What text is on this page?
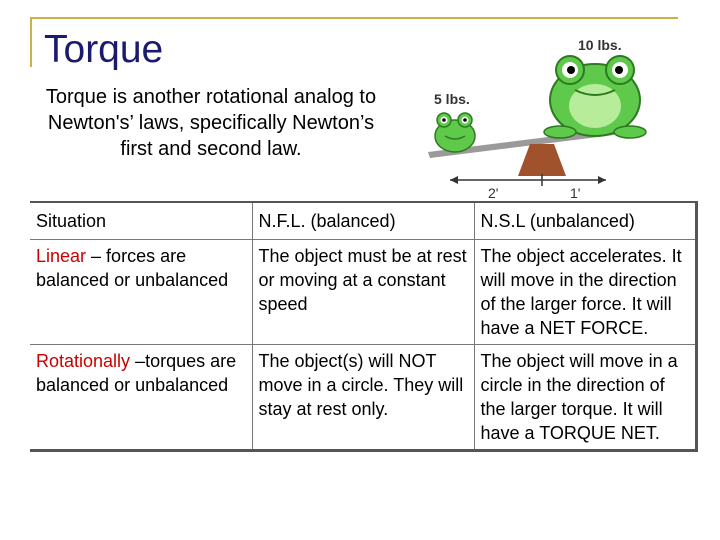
Torque
Torque is another rotational analog to Newton's’ laws, specifically Newton’s first and second law.
10 lbs.
5 lbs.
2'	1'
Situation	N.F.L. (balanced)	N.S.L (unbalanced)
Linear – forces are balanced or unbalanced	The object must be at rest or moving at a constant speed	The object accelerates. It will move in the direction of the larger force. It will have a NET FORCE.
Rotationally –torques are balanced or unbalanced	The object(s) will NOT move in a circle. They will stay at rest only.	The object will move in a circle in the direction of the larger torque. It will have a TORQUE NET.
